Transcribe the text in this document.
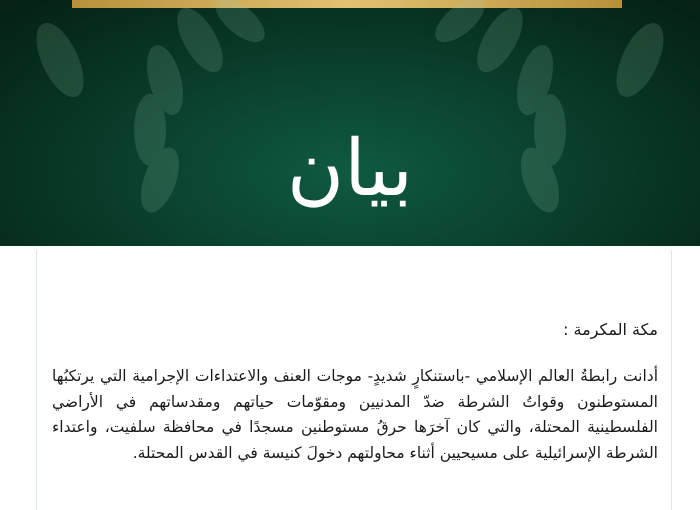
بيان

مكة المكرمة :

أدانت رابطةُ العالم الإسلامي -باستنكارٍ شديدٍ- موجات العنف والاعتداءات الإجرامية التي يرتكبُها المستوطنون وقواتُ الشرطة ضدّ المدنيين ومقوّمات حياتهم ومقدساتهم في الأراضي الفلسطينية المحتلة، والتي كان آخرَها حرقُ مستوطنين مسجدًا في محافظة سلفيت، واعتداء الشرطة الإسرائيلية على مسيحيين أثناء محاولتهم دخولَ كنيسة في القدس المحتلة.
